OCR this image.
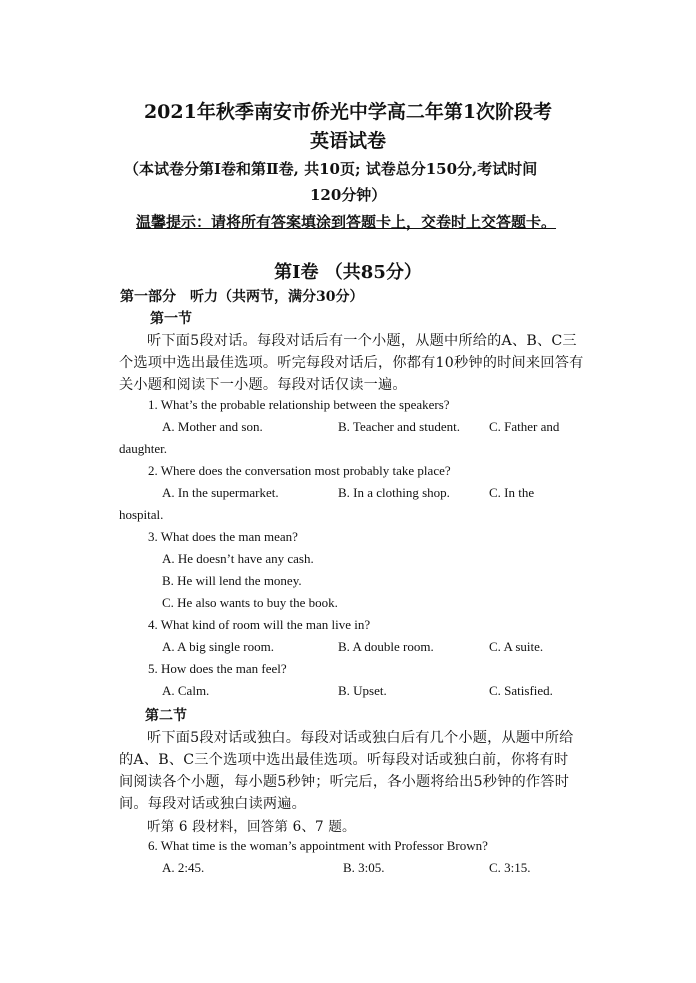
2021年秋季南安市侨光中学高二年第1次阶段考
英语试卷
（本试卷分第Ⅰ卷和第Ⅱ卷, 共10页; 试卷总分150分,考试时间
120分钟）
温馨提示：请将所有答案填涂到答题卡上，交卷时上交答题卡。
第Ⅰ卷 （共85分）
第一部分　听力（共两节，满分30分）
第一节
听下面5段对话。每段对话后有一个小题，从题中所给的A、B、C三
个选项中选出最佳选项。听完每段对话后，你都有10秒钟的时间来回答有
关小题和阅读下一小题。每段对话仅读一遍。
1. What’s the probable relationship between the speakers?
A. Mother and son.	B. Teacher and student. C. Father and
daughter.
2. Where does the conversation most probably take place?
A. In the supermarket.	B. In a clothing shop.	C. In the
hospital.
3. What does the man mean?
A. He doesn’t have any cash.
B. He will lend the money.
C. He also wants to buy the book.
4. What kind of room will the man live in?
A. A big single room.	B. A double room.	C. A suite.
5. How does the man feel?
A. Calm.	B. Upset.	C. Satisfied.
第二节
听下面5段对话或独白。每段对话或独白后有几个小题，从题中所给
的A、B、C三个选项中选出最佳选项。听每段对话或独白前，你将有时
间阅读各个小题，每小题5秒钟；听完后，各小题将给出5秒钟的作答时
间。每段对话或独白读两遍。
听第 6 段材料，回答第 6、7 题。
6. What time is the woman’s appointment with Professor Brown?
A. 2:45.	B. 3:05.	C. 3:15.
